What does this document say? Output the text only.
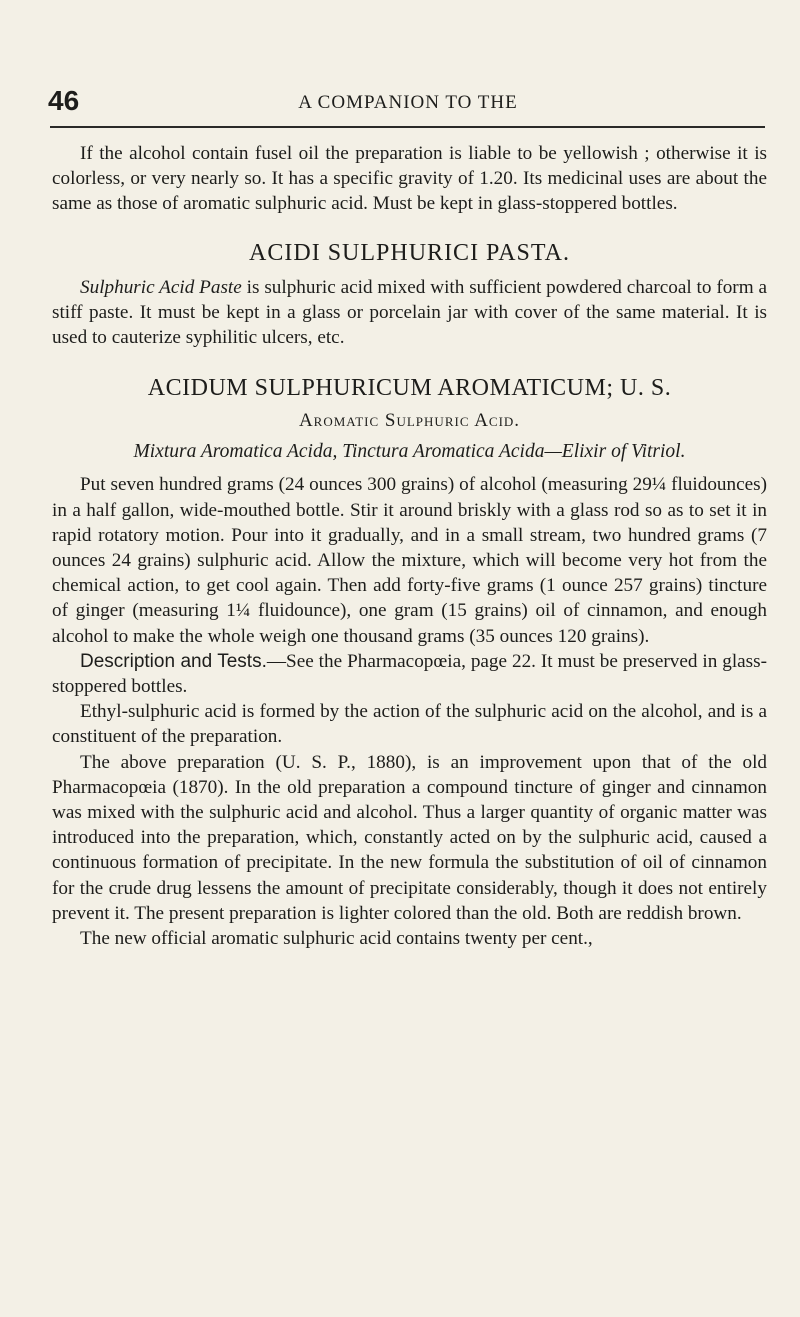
46	A COMPANION TO THE

If the alcohol contain fusel oil the preparation is liable to be yellowish ; otherwise it is colorless, or very nearly so. It has a specific gravity of 1.20. Its medicinal uses are about the same as those of aromatic sulphuric acid. Must be kept in glass-stoppered bottles.

ACIDI SULPHURICI PASTA.

Sulphuric Acid Paste is sulphuric acid mixed with sufficient powdered charcoal to form a stiff paste. It must be kept in a glass or porcelain jar with cover of the same material. It is used to cauterize syphilitic ulcers, etc.

ACIDUM SULPHURICUM AROMATICUM; U. S.
Aromatic Sulphuric Acid.
Mixtura Aromatica Acida, Tinctura Aromatica Acida—Elixir of Vitriol.

Put seven hundred grams (24 ounces 300 grains) of alcohol (measuring 29¼ fluidounces) in a half gallon, wide-mouthed bottle. Stir it around briskly with a glass rod so as to set it in rapid rotatory motion. Pour into it gradually, and in a small stream, two hundred grams (7 ounces 24 grains) sulphuric acid. Allow the mixture, which will become very hot from the chemical action, to get cool again. Then add forty-five grams (1 ounce 257 grains) tincture of ginger (measuring 1¼ fluidounce), one gram (15 grains) oil of cinnamon, and enough alcohol to make the whole weigh one thousand grams (35 ounces 120 grains).

Description and Tests.—See the Pharmacopœia, page 22. It must be preserved in glass-stoppered bottles.

Ethyl-sulphuric acid is formed by the action of the sulphuric acid on the alcohol, and is a constituent of the preparation.

The above preparation (U. S. P., 1880), is an improvement upon that of the old Pharmacopœia (1870). In the old preparation a compound tincture of ginger and cinnamon was mixed with the sulphuric acid and alcohol. Thus a larger quantity of organic matter was introduced into the preparation, which, constantly acted on by the sulphuric acid, caused a continuous formation of precipitate. In the new formula the substitution of oil of cinnamon for the crude drug lessens the amount of precipitate considerably, though it does not entirely prevent it. The present preparation is lighter colored than the old. Both are reddish brown.

The new official aromatic sulphuric acid contains twenty per cent.,
